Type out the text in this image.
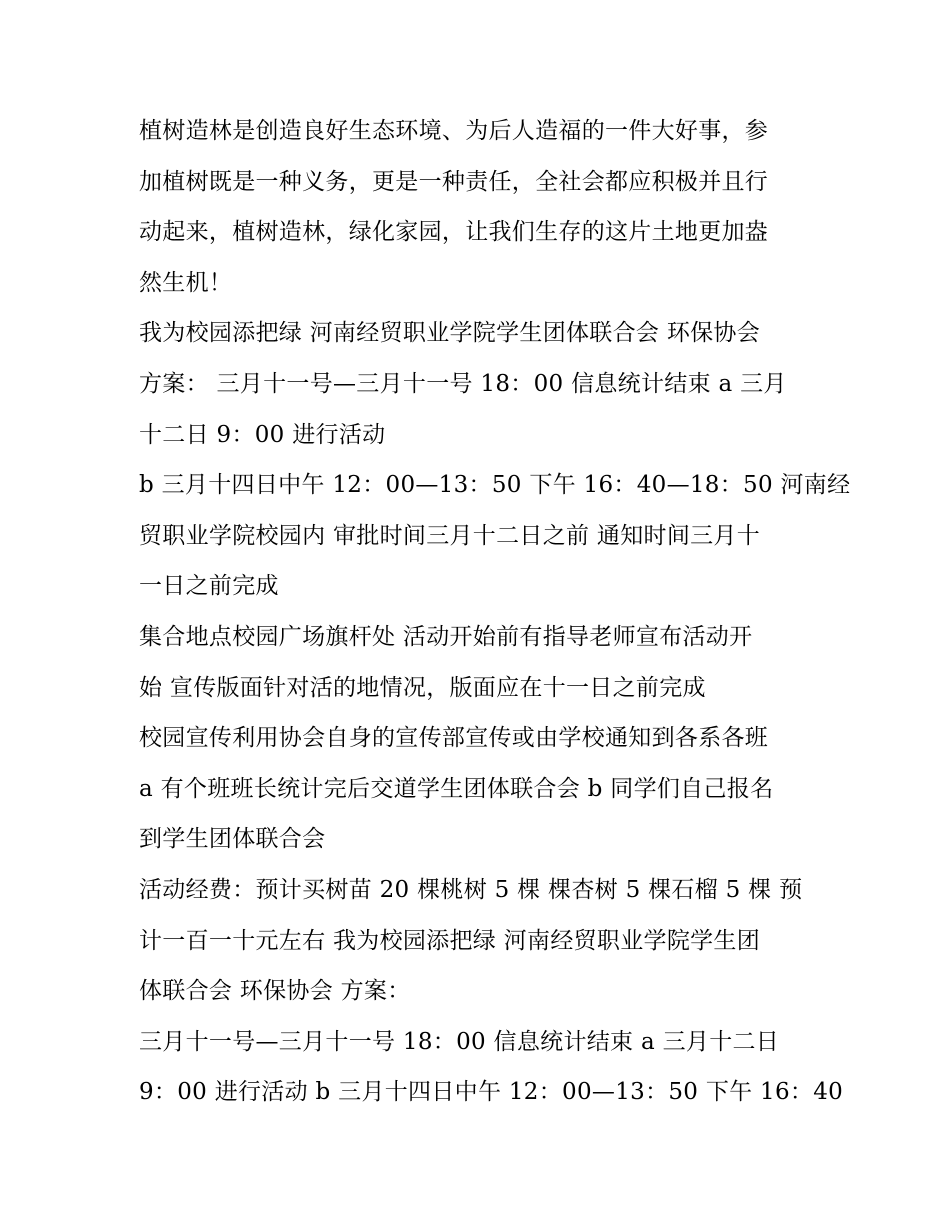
植树造林是创造良好生态环境、为后人造福的一件大好事，参
加植树既是一种义务，更是一种责任，全社会都应积极并且行
动起来，植树造林，绿化家园，让我们生存的这片土地更加盎
然生机！
我为校园添把绿 河南经贸职业学院学生团体联合会 环保协会
方案： 三月十一号—三月十一号 18：00 信息统计结束 a 三月
十二日 9：00 进行活动
b 三月十四日中午 12：00—13：50 下午 16：40—18：50 河南经
贸职业学院校园内 审批时间三月十二日之前 通知时间三月十
一日之前完成
集合地点校园广场旗杆处 活动开始前有指导老师宣布活动开
始 宣传版面针对活的地情况，版面应在十一日之前完成
校园宣传利用协会自身的宣传部宣传或由学校通知到各系各班
a 有个班班长统计完后交道学生团体联合会 b 同学们自己报名
到学生团体联合会
活动经费：预计买树苗 20 棵桃树 5 棵 棵杏树 5 棵石榴 5 棵 预
计一百一十元左右 我为校园添把绿 河南经贸职业学院学生团
体联合会 环保协会 方案：
三月十一号—三月十一号 18：00 信息统计结束 a 三月十二日
9：00 进行活动 b 三月十四日中午 12：00—13：50 下午 16：40
